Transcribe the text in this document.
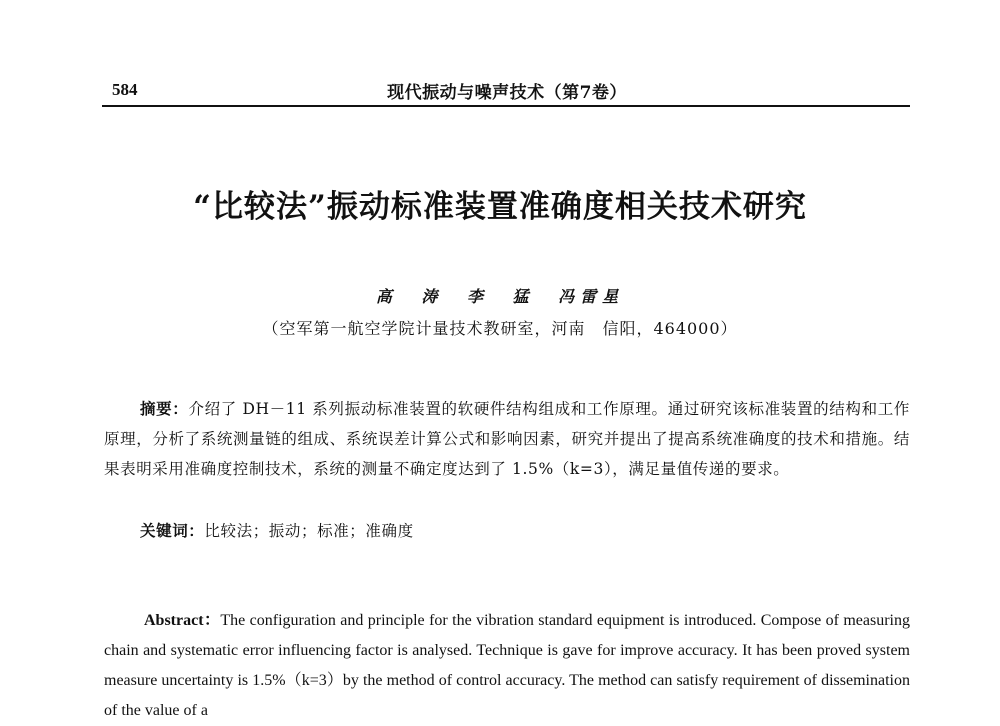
584	现代振动与噪声技术（第7卷）
“比较法”振动标准装置准确度相关技术研究
高 涛 李 猛 冯雷星
（空军第一航空学院计量技术教研室，河南　信阳，464000）
摘要：介绍了 DH－11 系列振动标准装置的软硬件结构组成和工作原理。通过研究该标准装置的结构和工作原理，分析了系统测量链的组成、系统误差计算公式和影响因素，研究并提出了提高系统准确度的技术和措施。结果表明采用准确度控制技术，系统的测量不确定度达到了 1.5%（k=3），满足量值传递的要求。
关键词：比较法；振动；标准；准确度
Abstract：The configuration and principle for the vibration standard equipment is introduced. Compose of measuring chain and systematic error influencing factor is analysed. Technique is gave for improve accuracy. It has been proved system measure uncertainty is 1.5%（k=3）by the method of control accuracy. The method can satisfy requirement of dissemination of the value of a
